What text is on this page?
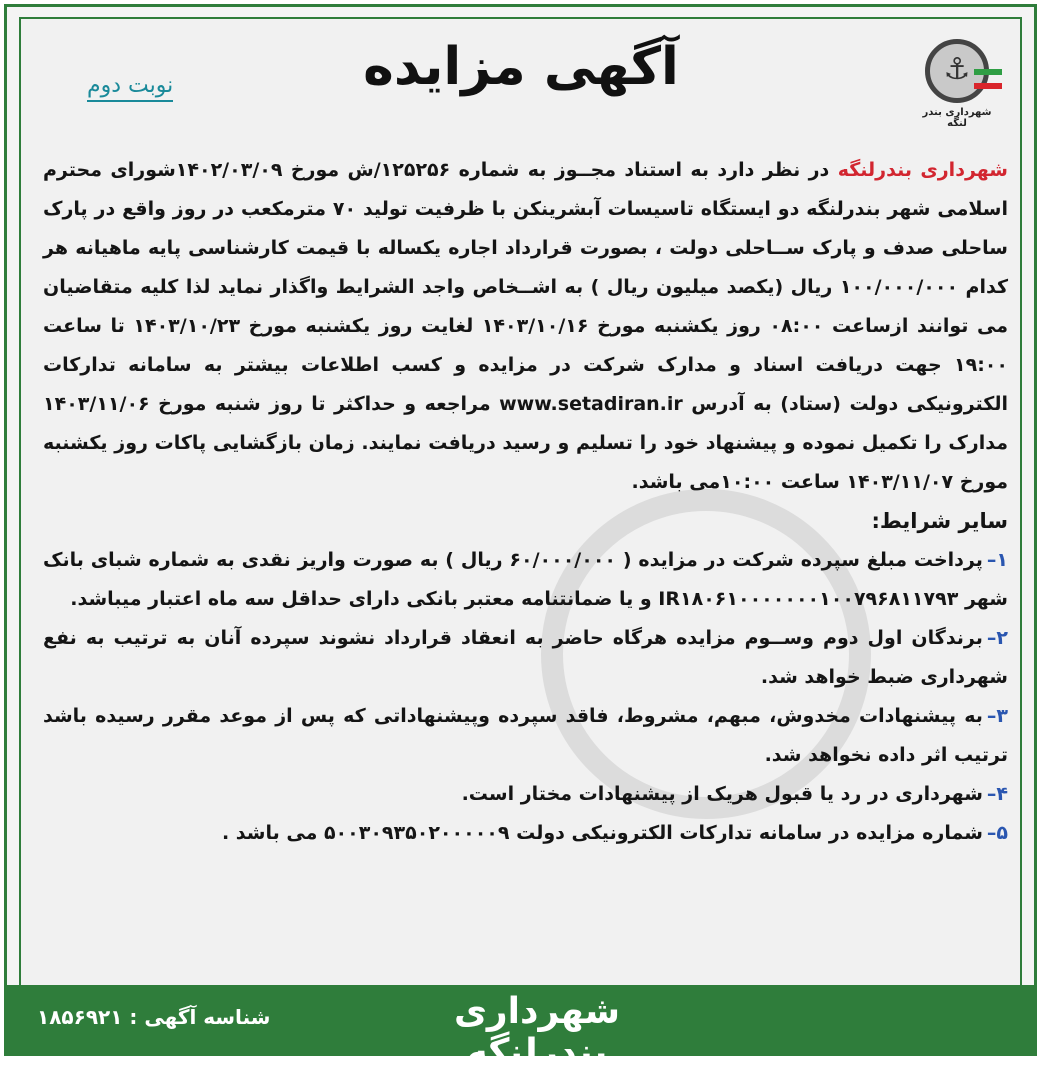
⚓
شهرداری بندر لنگه
آگهی مزایده
نوبت دوم

شهرداری بندرلنگه در نظر دارد به استناد مجــوز به شماره ۱۲۵۲۵۶/ش مورخ ۱۴۰۲/۰۳/۰۹شورای محترم اسلامی شهر بندرلنگه دو ایستگاه تاسیسات آبشرینکن با ظرفیت تولید ۷۰ مترمکعب در روز واقع در پارک ساحلی صدف و پارک ســاحلی دولت ، بصورت قرارداد اجاره یکساله با قیمت کارشناسی پایه ماهیانه هر کدام ۱۰۰/۰۰۰/۰۰۰ ریال (یکصد میلیون ریال ) به اشــخاص واجد الشرایط واگذار نماید لذا کلیه متقاضیان می توانند ازساعت ۰۸:۰۰ روز یکشنبه مورخ ۱۴۰۳/۱۰/۱۶ لغایت روز یکشنبه مورخ ۱۴۰۳/۱۰/۲۳ تا ساعت ۱۹:۰۰ جهت دریافت اسناد و مدارک شرکت در مزایده و کسب اطلاعات بیشتر به سامانه تدارکات الکترونیکی دولت (ستاد) به آدرس www.setadiran.ir مراجعه و حداکثر تا روز شنبه مورخ ۱۴۰۳/۱۱/۰۶ مدارک را تکمیل نموده و پیشنهاد خود را تسلیم و رسید دریافت نمایند. زمان بازگشایی پاکات روز یکشنبه مورخ ۱۴۰۳/۱۱/۰۷ ساعت ۱۰:۰۰می باشد.

سایر شرایط:

۱–پرداخت مبلغ سپرده شرکت در مزایده ( ۶۰/۰۰۰/۰۰۰ ریال ) به صورت واریز نقدی به شماره شبای بانک شهر IR۱۸۰۶۱۰۰۰۰۰۰۰۱۰۰۷۹۶۸۱۱۷۹۳ و یا ضمانتنامه معتبر بانکی دارای حداقل سه ماه اعتبار میباشد.

۲–برندگان اول دوم وســوم مزایده هرگاه حاضر به انعقاد قرارداد نشوند سپرده آنان به ترتیب به نفع شهرداری ضبط خواهد شد.

۳–به پیشنهادات مخدوش، مبهم، مشروط، فاقد سپرده وپیشنهاداتی که پس از موعد مقرر رسیده باشد ترتیب اثر داده نخواهد شد.

۴–شهرداری در رد یا قبول هریک از پیشنهادات مختار است.

۵–شماره مزایده در سامانه تدارکات الکترونیکی دولت ۵۰۰۳۰۹۳۵۰۲۰۰۰۰۰۹ می باشد .

شهرداری بندرلنگه
شناسه آگهی : ۱۸۵۶۹۲۱
